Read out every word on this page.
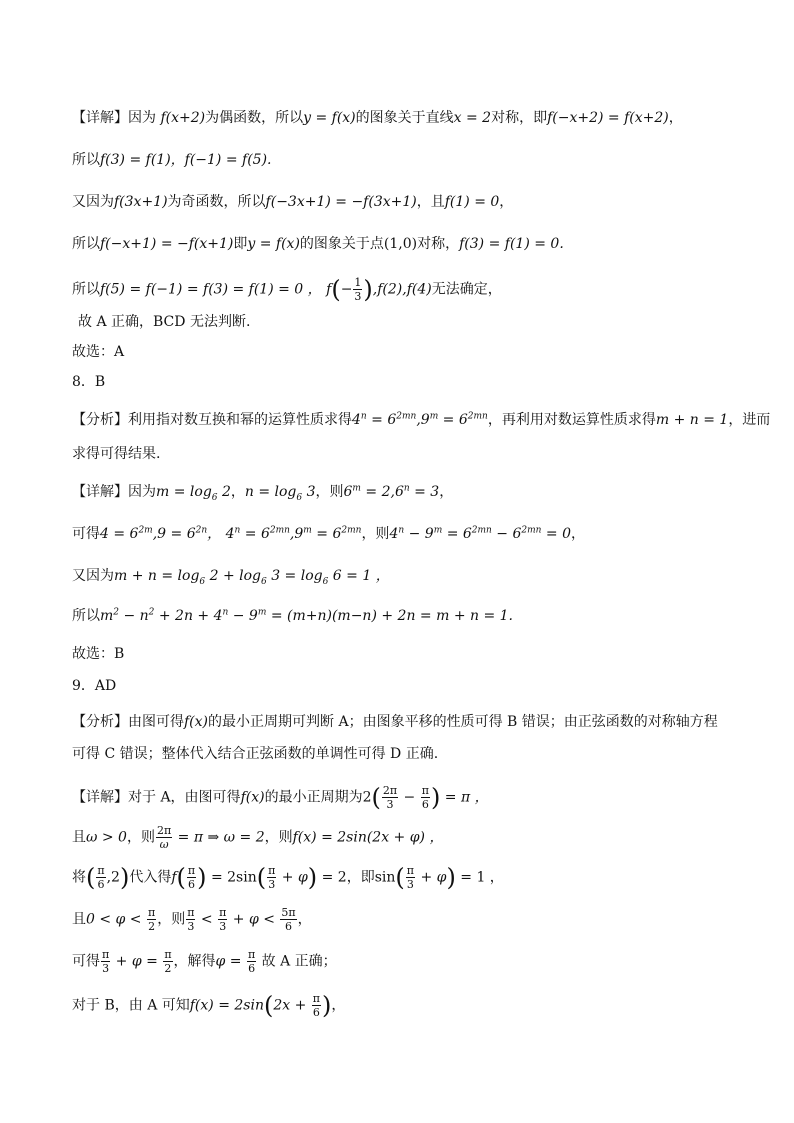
【详解】因为 f(x+2)为偶函数，所以y = f(x)的图象关于直线x = 2对称，即f(−x+2) = f(x+2)，
所以f(3) = f(1)，f(−1) = f(5).
又因为f(3x+1)为奇函数，所以f(−3x+1) = −f(3x+1)，且f(1) = 0，
所以f(−x+1) = −f(x+1)即y = f(x)的图象关于点(1,0)对称，f(3) = f(1) = 0.
所以f(5) = f(−1) = f(3) = f(1) = 0 ， $f(- \frac{1}{3} ),f(2),f(4)$无法确定，
故 A 正确，BCD 无法判断.
故选：A
8．B
【分析】利用指对数互换和幂的运算性质求得$4^n = 6^{2mn},9^m = 6^{2mn}$，再利用对数运算性质求得m + n = 1，进而
求得可得结果.
【详解】因为$m = \log_6 2$，$n = \log_6 3$，则$6^m = 2,6^n = 3$，
可得$4 = 6^{2m},9 = 6^{2n}$， $4^n = 6^{2mn},9^m = 6^{2mn}$，则$4^n - 9^m = 6^{2mn} - 6^{2mn} = 0$，
又因为$m + n = \log_6 2 + \log_6 3 = \log_6 6 = 1$ ，
所以$m^2 - n^2 + 2n + 4^n - 9^m = (m+n)(m-n) + 2n = m + n = 1$.
故选：B
9．AD
【分析】由图可得f(x)的最小正周期可判断 A；由图象平移的性质可得 B 错误；由正弦函数的对称轴方程
可得 C 错误；整体代入结合正弦函数的单调性可得 D 正确.
【详解】对于 A，由图可得f(x)的最小正周期为$2( \frac{2\pi}{3} - \frac{\pi}{6}$ ) = π ，
且ω > 0，则 $\frac{2\pi}{\omega} = \pi$ ⇒ ω = 2，则f(x) = 2sin(2x + φ) ，
将( $\frac{\pi}{6} ,2$)代入得$f( \frac{\pi}{6}$ ) = $2\sin( \frac{\pi}{3} + \varphi) = 2$，即$\sin( \frac{\pi}{3} + \varphi) = 1$ ，
且$0 < \varphi < \frac{\pi}{2}$ ，则 $\frac{\pi}{3} < \frac{\pi}{3} + \varphi < \frac{5\pi}{6}$ ，
可得 $\frac{\pi}{3} + \varphi = \frac{\pi}{2}$ ，解得$\varphi = \frac{\pi}{6}$ 故 A 正确；
对于 B，由 A 可知$f(x) = 2\sin(2x + \frac{\pi}{6}$ )，
